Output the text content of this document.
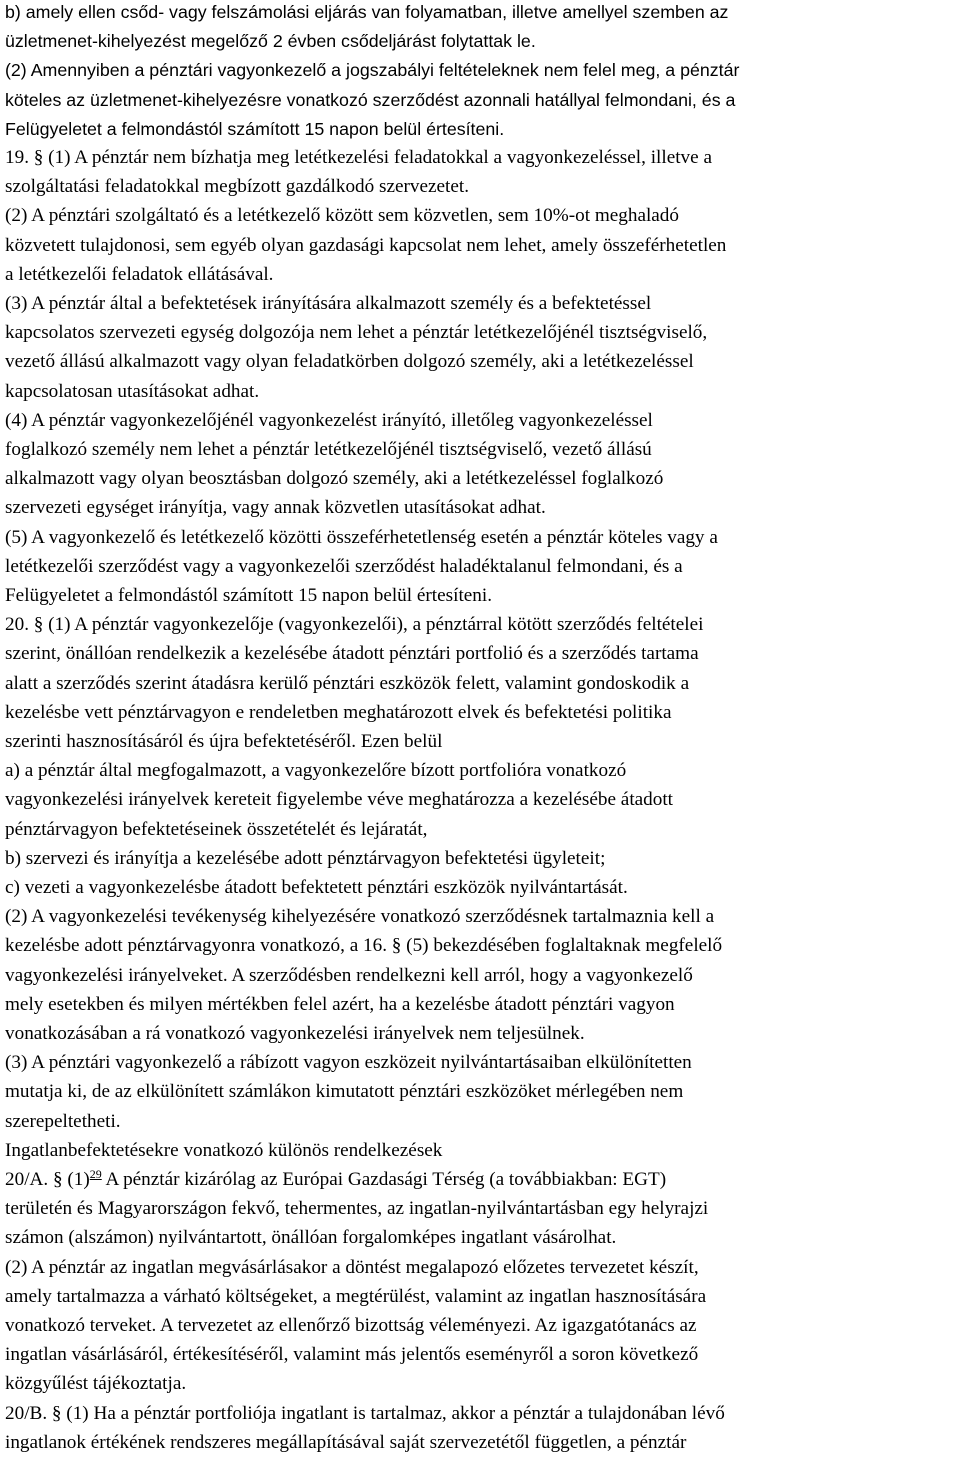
b) amely ellen csőd- vagy felszámolási eljárás van folyamatban, illetve amellyel szemben az
üzletmenet-kihelyezést megelőző 2 évben csődeljárást folytattak le.
(2) Amennyiben a pénztári vagyonkezelő a jogszabályi feltételeknek nem felel meg, a pénztár
köteles az üzletmenet-kihelyezésre vonatkozó szerződést azonnali hatállyal felmondani, és a
Felügyeletet a felmondástól számított 15 napon belül értesíteni.
19. § (1) A pénztár nem bízhatja meg letétkezelési feladatokkal a vagyonkezeléssel, illetve a
szolgáltatási feladatokkal megbízott gazdálkodó szervezetet.
(2) A pénztári szolgáltató és a letétkezelő között sem közvetlen, sem 10%-ot meghaladó
közvetett tulajdonosi, sem egyéb olyan gazdasági kapcsolat nem lehet, amely összeférhetetlen
a letétkezelői feladatok ellátásával.
(3) A pénztár által a befektetések irányítására alkalmazott személy és a befektetéssel
kapcsolatos szervezeti egység dolgozója nem lehet a pénztár letétkezelőjénél tisztségviselő,
vezető állású alkalmazott vagy olyan feladatkörben dolgozó személy, aki a letétkezeléssel
kapcsolatosan utasításokat adhat.
(4) A pénztár vagyonkezelőjénél vagyonkezelést irányító, illetőleg vagyonkezeléssel
foglalkozó személy nem lehet a pénztár letétkezelőjénél tisztségviselő, vezető állású
alkalmazott vagy olyan beosztásban dolgozó személy, aki a letétkezeléssel foglalkozó
szervezeti egységet irányítja, vagy annak közvetlen utasításokat adhat.
(5) A vagyonkezelő és letétkezelő közötti összeférhetetlenség esetén a pénztár köteles vagy a
letétkezelői szerződést vagy a vagyonkezelői szerződést haladéktalanul felmondani, és a
Felügyeletet a felmondástól számított 15 napon belül értesíteni.
20. § (1) A pénztár vagyonkezelője (vagyonkezelői), a pénztárral kötött szerződés feltételei
szerint, önállóan rendelkezik a kezelésébe átadott pénztári portfolió és a szerződés tartama
alatt a szerződés szerint átadásra kerülő pénztári eszközök felett, valamint gondoskodik a
kezelésbe vett pénztárvagyon e rendeletben meghatározott elvek és befektetési politika
szerinti hasznosításáról és újra befektetéséről. Ezen belül
a) a pénztár által megfogalmazott, a vagyonkezelőre bízott portfolióra vonatkozó
vagyonkezelési irányelvek kereteit figyelembe véve meghatározza a kezelésébe átadott
pénztárvagyon befektetéseinek összetételét és lejáratát,
b) szervezi és irányítja a kezelésébe adott pénztárvagyon befektetési ügyleteit;
c) vezeti a vagyonkezelésbe átadott befektetett pénztári eszközök nyilvántartását.
(2) A vagyonkezelési tevékenység kihelyezésére vonatkozó szerződésnek tartalmaznia kell a
kezelésbe adott pénztárvagyonra vonatkozó, a 16. § (5) bekezdésében foglaltaknak megfelelő
vagyonkezelési irányelveket. A szerződésben rendelkezni kell arról, hogy a vagyonkezelő
mely esetekben és milyen mértékben felel azért, ha a kezelésbe átadott pénztári vagyon
vonatkozásában a rá vonatkozó vagyonkezelési irányelvek nem teljesülnek.
(3) A pénztári vagyonkezelő a rábízott vagyon eszközeit nyilvántartásaiban elkülönítetten
mutatja ki, de az elkülönített számlákon kimutatott pénztári eszközöket mérlegében nem
szerepeltetheti.
Ingatlanbefektetésekre vonatkozó különös rendelkezések
20/A. § $(1)^{29}$ A pénztár kizárólag az Európai Gazdasági Térség (a továbbiakban: EGT)
területén és Magyarországon fekvő, tehermentes, az ingatlan-nyilvántartásban egy helyrajzi
számon (alszámon) nyilvántartott, önállóan forgalomképes ingatlant vásárolhat.
(2) A pénztár az ingatlan megvásárlásakor a döntést megalapozó előzetes tervezetet készít,
amely tartalmazza a várható költségeket, a megtérülést, valamint az ingatlan hasznosítására
vonatkozó terveket. A tervezetet az ellenőrző bizottság véleményezi. Az igazgatótanács az
ingatlan vásárlásáról, értékesítéséről, valamint más jelentős eseményről a soron következő
közgyűlést tájékoztatja.
20/B. § (1) Ha a pénztár portfoliója ingatlant is tartalmaz, akkor a pénztár a tulajdonában lévő
ingatlanok értékének rendszeres megállapításával saját szervezetétől független, a pénztár
